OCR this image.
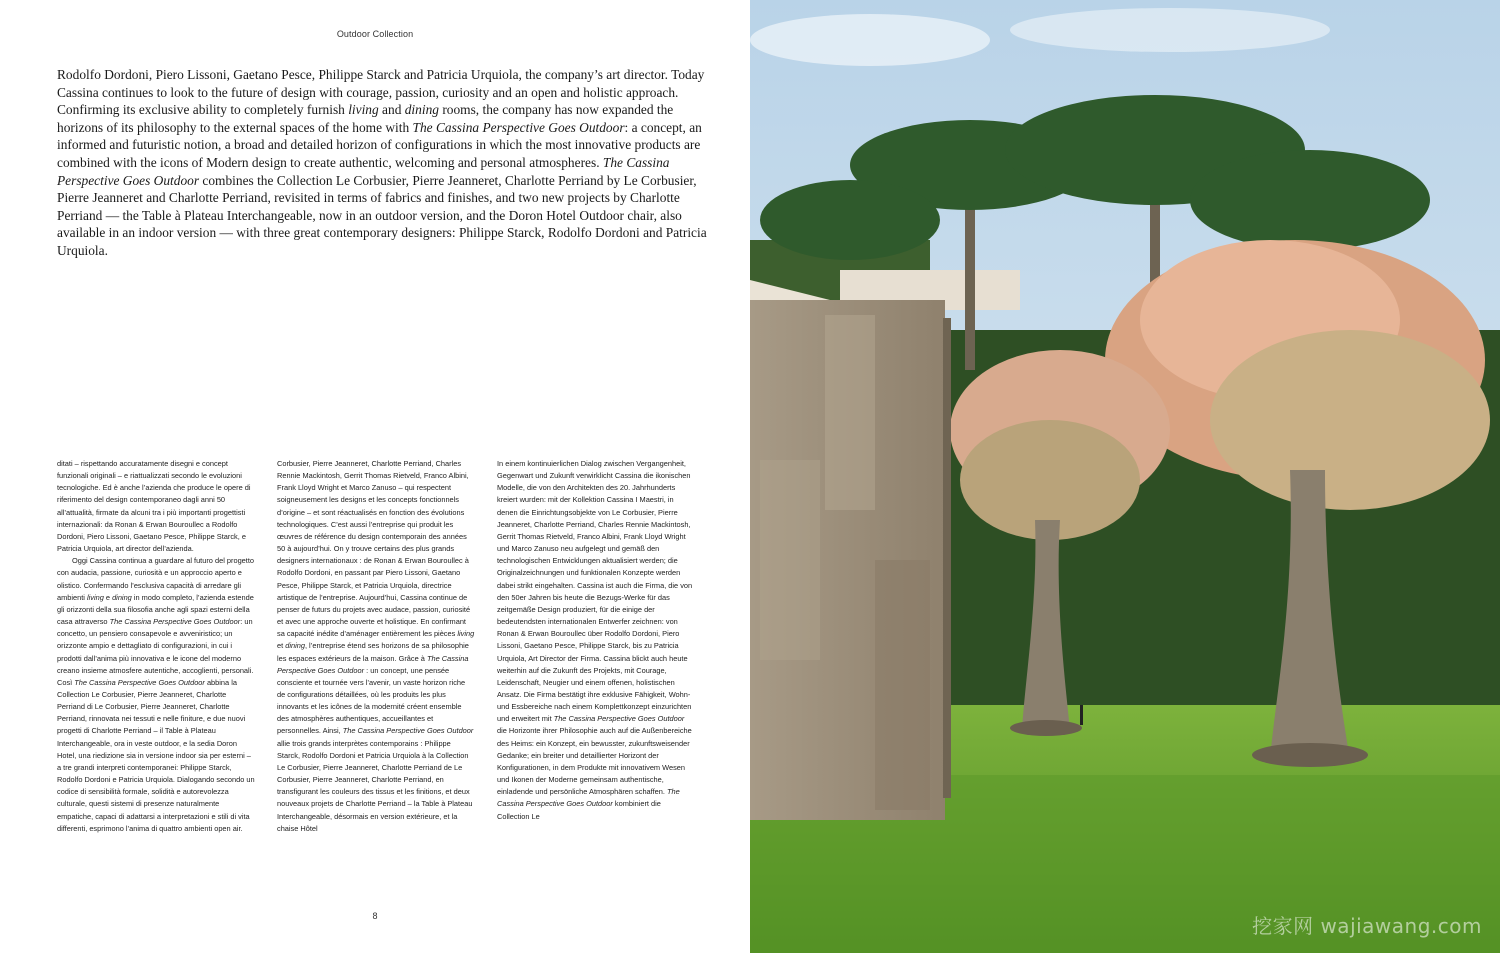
Outdoor Collection

Rodolfo Dordoni, Piero Lissoni, Gaetano Pesce, Philippe Starck and Patricia Urquiola, the company’s art director. Today Cassina continues to look to the future of design with courage, passion, curiosity and an open and holistic approach. Confirming its exclusive ability to completely furnish living and dining rooms, the company has now expanded the horizons of its philosophy to the external spaces of the home with The Cassina Perspective Goes Outdoor: a concept, an informed and futuristic notion, a broad and detailed horizon of configurations in which the most innovative products are combined with the icons of Modern design to create authentic, welcoming and personal atmospheres. The Cassina Perspective Goes Outdoor combines the Collection Le Corbusier, Pierre Jeanneret, Charlotte Perriand by Le Corbusier, Pierre Jeanneret and Charlotte Perriand, revisited in terms of fabrics and finishes, and two new projects by Charlotte Perriand — the Table à Plateau Interchangeable, now in an outdoor version, and the Doron Hotel Outdoor chair, also available in an indoor version — with three great contemporary designers: Philippe Starck, Rodolfo Dordoni and Patricia Urquiola.

ditati – rispettando accuratamente disegni e concept funzionali originali – e riattualizzati secondo le evoluzioni tecnologiche. Ed è anche l’azienda che produce le opere di riferimento del design contemporaneo dagli anni 50 all’attualità, firmate da alcuni tra i più importanti progettisti internazionali: da Ronan & Erwan Bouroullec a Rodolfo Dordoni, Piero Lissoni, Gaetano Pesce, Philippe Starck, e Patricia Urquiola, art director dell’azienda.

Oggi Cassina continua a guardare al futuro del progetto con audacia, passione, curiosità e un approccio aperto e olistico. Confermando l’esclusiva capacità di arredare gli ambienti living e dining in modo completo, l’azienda estende gli orizzonti della sua filosofia anche agli spazi esterni della casa attraverso The Cassina Perspective Goes Outdoor: un concetto, un pensiero consapevole e avveniristico; un orizzonte ampio e dettagliato di configurazioni, in cui i prodotti dall’anima più innovativa e le icone del moderno creano insieme atmosfere autentiche, accoglienti, personali. Così The Cassina Perspective Goes Outdoor abbina la Collection Le Corbusier, Pierre Jeanneret, Charlotte Perriand di Le Corbusier, Pierre Jeanneret, Charlotte Perriand, rinnovata nei tessuti e nelle finiture, e due nuovi progetti di Charlotte Perriand – il Table à Plateau Interchangeable, ora in veste outdoor, e la sedia Doron Hotel, una riedizione sia in versione indoor sia per esterni – a tre grandi interpreti contemporanei: Philippe Starck, Rodolfo Dordoni e Patricia Urquiola. Dialogando secondo un codice di sensibilità formale, solidità e autorevolezza culturale, questi sistemi di presenze naturalmente empatiche, capaci di adattarsi a interpretazioni e stili di vita differenti, esprimono l’anima di quattro ambienti open air.

Corbusier, Pierre Jeanneret, Charlotte Perriand, Charles Rennie Mackintosh, Gerrit Thomas Rietveld, Franco Albini, Frank Lloyd Wright et Marco Zanuso – qui respectent soigneusement les designs et les concepts fonctionnels d’origine – et sont réactualisés en fonction des évolutions technologiques. C’est aussi l’entreprise qui produit les œuvres de référence du design contemporain des années 50 à aujourd’hui. On y trouve certains des plus grands designers internationaux : de Ronan & Erwan Bouroullec à Rodolfo Dordoni, en passant par Piero Lissoni, Gaetano Pesce, Philippe Starck, et Patricia Urquiola, directrice artistique de l’entreprise. Aujourd’hui, Cassina continue de penser de futurs du projets avec audace, passion, curiosité et avec une approche ouverte et holistique. En confirmant sa capacité inédite d’aménager entièrement les pièces living et dining, l’entreprise étend ses horizons de sa philosophie les espaces extérieurs de la maison. Grâce à The Cassina Perspective Goes Outdoor : un concept, une pensée consciente et tournée vers l’avenir, un vaste horizon riche de configurations détaillées, où les produits les plus innovants et les icônes de la modernité créent ensemble des atmosphères authentiques, accueillantes et personnelles. Ainsi, The Cassina Perspective Goes Outdoor allie trois grands interprètes contemporains : Philippe Starck, Rodolfo Dordoni et Patricia Urquiola à la Collection Le Corbusier, Pierre Jeanneret, Charlotte Perriand de Le Corbusier, Pierre Jeanneret, Charlotte Perriand, en transfigurant les couleurs des tissus et les finitions, et deux nouveaux projets de Charlotte Perriand – la Table à Plateau Interchangeable, désormais en version extérieure, et la chaise Hôtel

In einem kontinuierlichen Dialog zwischen Vergangenheit, Gegenwart und Zukunft verwirklicht Cassina die ikonischen Modelle, die von den Architekten des 20. Jahrhunderts kreiert wurden: mit der Kollektion Cassina I Maestri, in denen die Einrichtungsobjekte von Le Corbusier, Pierre Jeanneret, Charlotte Perriand, Charles Rennie Mackintosh, Gerrit Thomas Rietveld, Franco Albini, Frank Lloyd Wright und Marco Zanuso neu aufgelegt und gemäß den technologischen Entwicklungen aktualisiert werden; die Originalzeichnungen und funktionalen Konzepte werden dabei strikt eingehalten. Cassina ist auch die Firma, die von den 50er Jahren bis heute die Bezugs-Werke für das zeitgemäße Design produziert, für die einige der bedeutendsten internationalen Entwerfer zeichnen: von Ronan & Erwan Bouroullec über Rodolfo Dordoni, Piero Lissoni, Gaetano Pesce, Philippe Starck, bis zu Patricia Urquiola, Art Director der Firma. Cassina blickt auch heute weiterhin auf die Zukunft des Projekts, mit Courage, Leidenschaft, Neugier und einem offenen, holistischen Ansatz. Die Firma bestätigt ihre exklusive Fähigkeit, Wohn- und Essbereiche nach einem Komplettkonzept einzurichten und erweitert mit The Cassina Perspective Goes Outdoor die Horizonte ihrer Philosophie auch auf die Außenbereiche des Heims: ein Konzept, ein bewusster, zukunftsweisender Gedanke; ein breiter und detaillierter Horizont der Konfigurationen, in dem Produkte mit innovativem Wesen und Ikonen der Moderne gemeinsam authentische, einladende und persönliche Atmosphären schaffen. The Cassina Perspective Goes Outdoor kombiniert die Collection Le

8	挖家网 wajiawang.com
